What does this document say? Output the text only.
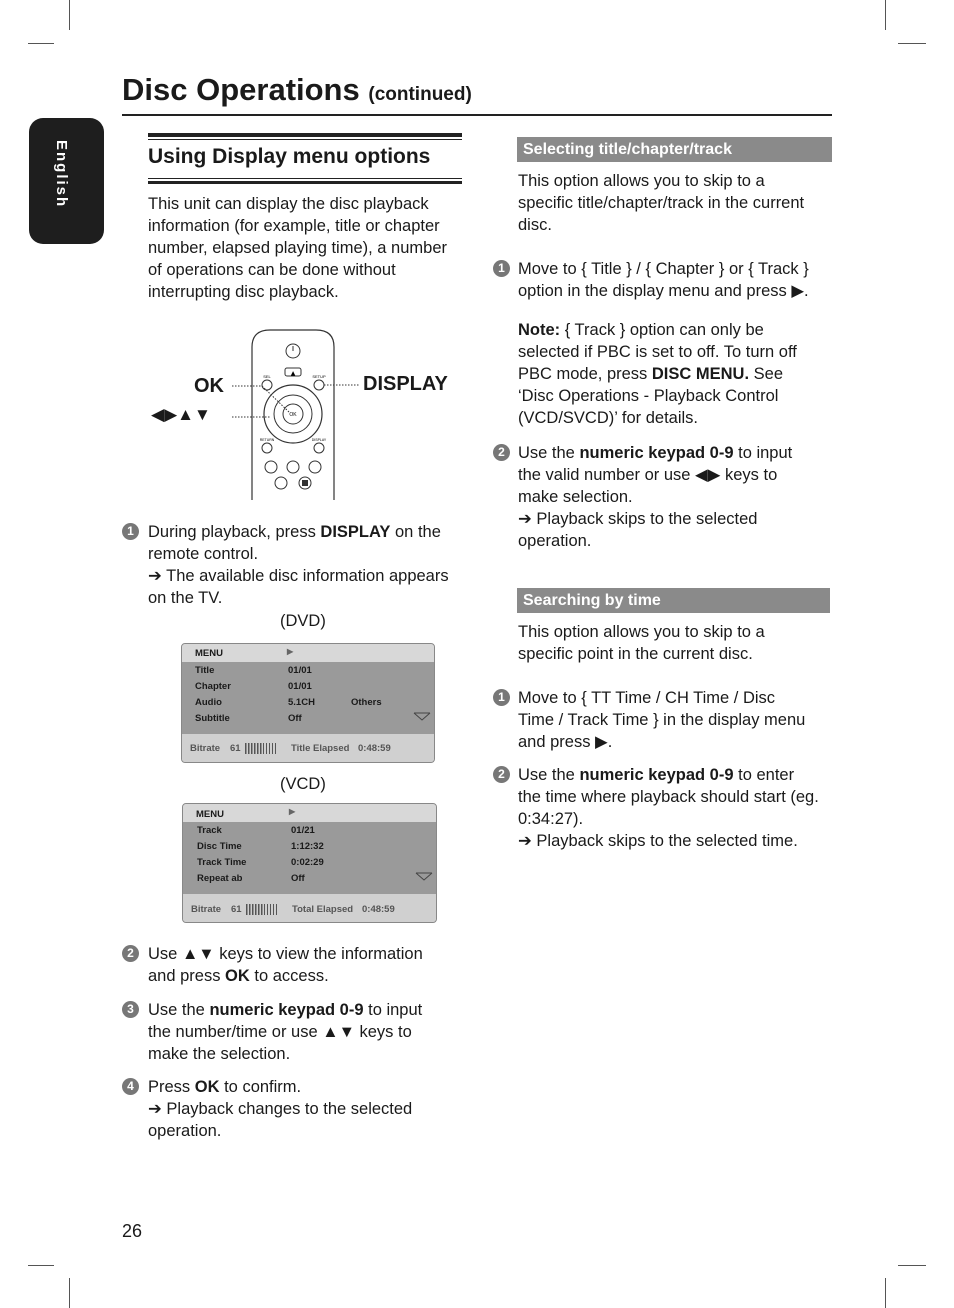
Disc Operations (continued)
English	Using Display menu options
This unit can display the disc playback
information (for example, title or chapter
number, elapsed playing time), a number
of operations can be done without
interrupting disc playback.
OK
◀▶▲▼
DISPLAY
▲
SEL	SETUP
OK
RETURN	DISPLAY
1 During playback, press DISPLAY on the
remote control.
➔ The available disc information appears
on the TV.
(DVD)
MENU	▶
Title	01/01
Chapter	01/01
Audio	5.1CH	Others
Subtitle	Off
Bitrate 61	Title Elapsed 0:48:59
(VCD)
MENU	▶
Track	01/21
Disc Time	1:12:32
Track Time	0:02:29
Repeat ab	Off
Bitrate 61	Total Elapsed 0:48:59
2 Use ▲▼ keys to view the information
and press OK to access.
3 Use the numeric keypad 0-9 to input
the number/time or use ▲▼ keys to
make the selection.
4 Press OK to confirm.
➔ Playback changes to the selected
operation.
Selecting title/chapter/track
This option allows you to skip to a
specific title/chapter/track in the current
disc.
1 Move to { Title } / { Chapter } or { Track }
option in the display menu and press ▶.
Note: { Track } option can only be
selected if PBC is set to off. To turn off
PBC mode, press DISC MENU. See
‘Disc Operations - Playback Control
(VCD/SVCD)’ for details.
2 Use the numeric keypad 0-9 to input
the valid number or use ◀▶ keys to
make selection.
➔ Playback skips to the selected
operation.
Searching by time
This option allows you to skip to a
specific point in the current disc.
1 Move to { TT Time / CH Time / Disc
Time / Track Time } in the display menu
and press ▶.
2 Use the numeric keypad 0-9 to enter
the time where playback should start (eg.
0:34:27).
➔ Playback skips to the selected time.
26
